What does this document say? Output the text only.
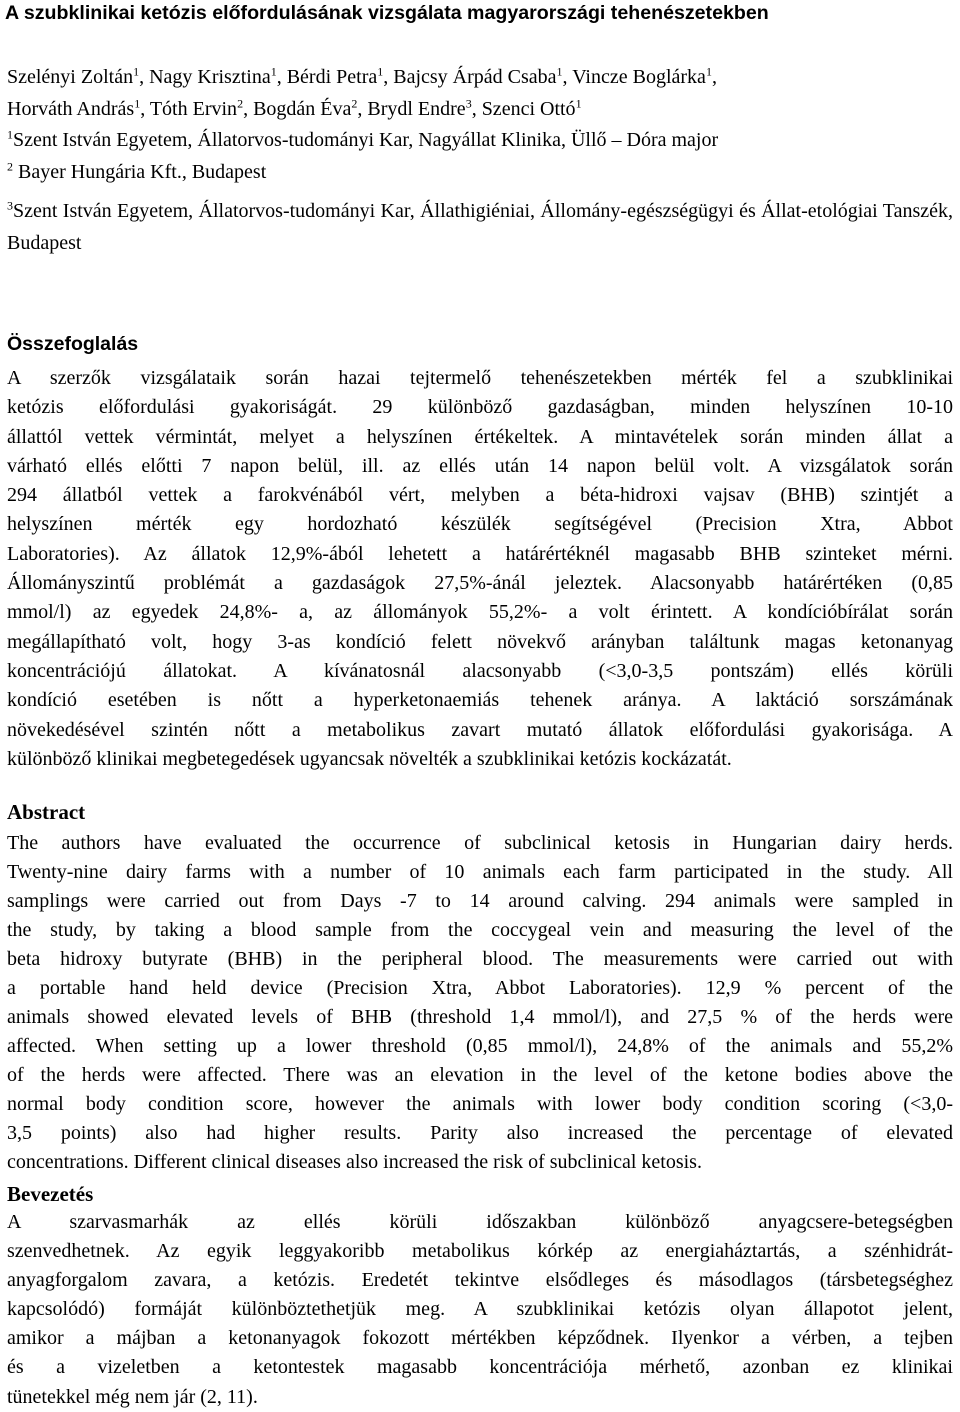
A szubklinikai ketózis előfordulásának vizsgálata magyarországi tehenészetekben
Szelényi Zoltán$^1$, Nagy Krisztina$^1$, Bérdi Petra$^1$, Bajcsy Árpád Csaba$^1$, Vincze Boglárka$^1$,
Horváth András$^1$, Tóth Ervin$^2$, Bogdán Éva$^2$, Brydl Endre$^3$, Szenci Ottó$^1$
$^1$Szent István Egyetem, Állatorvos-tudományi Kar, Nagyállat Klinika, Üllő – Dóra major
$^2$ Bayer Hungária Kft., Budapest
$^3$Szent István Egyetem, Állatorvos-tudományi Kar, Állathigiéniai, Állomány-egészségügyi és Állat-etológiai Tanszék, Budapest
Összefoglalás
A szerzők vizsgálataik során hazai tejtermelő tehenészetekben mérték fel a szubklinikai
ketózis előfordulási gyakoriságát. 29 különböző gazdaságban, minden helyszínen 10-10
állattól vettek vérmintát, melyet a helyszínen értékeltek. A mintavételek során minden állat a
várható ellés előtti 7 napon belül, ill. az ellés után 14 napon belül volt. A vizsgálatok során
294 állatból vettek a farokvénából vért, melyben a béta-hidroxi vajsav (BHB) szintjét a
helyszínen mérték egy hordozható készülék segítségével (Precision Xtra, Abbot
Laboratories). Az állatok 12,9%-ából lehetett a határértéknél magasabb BHB szinteket mérni.
Állományszintű problémát a gazdaságok 27,5%-ánál jeleztek. Alacsonyabb határértéken (0,85
mmol/l) az egyedek 24,8%- a, az állományok 55,2%- a volt érintett. A kondícióbírálat során
megállapítható volt, hogy 3-as kondíció felett növekvő arányban találtunk magas ketonanyag
koncentrációjú állatokat. A kívánatosnál alacsonyabb (<3,0-3,5 pontszám) ellés körüli
kondíció esetében is nőtt a hyperketonaemiás tehenek aránya. A laktáció sorszámának
növekedésével szintén nőtt a metabolikus zavart mutató állatok előfordulási gyakorisága. A
különböző klinikai megbetegedések ugyancsak növelték a szubklinikai ketózis kockázatát.
Abstract
The authors have evaluated the occurrence of subclinical ketosis in Hungarian dairy herds.
Twenty-nine dairy farms with a number of 10 animals each farm participated in the study. All
samplings were carried out from Days -7 to 14 around calving. 294 animals were sampled in
the study, by taking a blood sample from the coccygeal vein and measuring the level of the
beta hidroxy butyrate (BHB) in the peripheral blood. The measurements were carried out with
a portable hand held device (Precision Xtra, Abbot Laboratories). 12,9 % percent of the
animals showed elevated levels of BHB (threshold 1,4 mmol/l), and 27,5 % of the herds were
affected. When setting up a lower threshold (0,85 mmol/l), 24,8% of the animals and 55,2%
of the herds were affected. There was an elevation in the level of the ketone bodies above the
normal body condition score, however the animals with lower body condition scoring (<3,0-
3,5 points) also had higher results. Parity also increased the percentage of elevated
concentrations. Different clinical diseases also increased the risk of subclinical ketosis.
Bevezetés
A szarvasmarhák az ellés körüli időszakban különböző anyagcsere-betegségben
szenvedhetnek. Az egyik leggyakoribb metabolikus kórkép az energiaháztartás, a szénhidrát-
anyagforgalom zavara, a ketózis. Eredetét tekintve elsődleges és másodlagos (társbetegséghez
kapcsolódó) formáját különböztethetjük meg. A szubklinikai ketózis olyan állapotot jelent,
amikor a májban a ketonanyagok fokozott mértékben képződnek. Ilyenkor a vérben, a tejben
és a vizeletben a ketontestek magasabb koncentrációja mérhető, azonban ez klinikai
tünetekkel még nem jár (2, 11).
